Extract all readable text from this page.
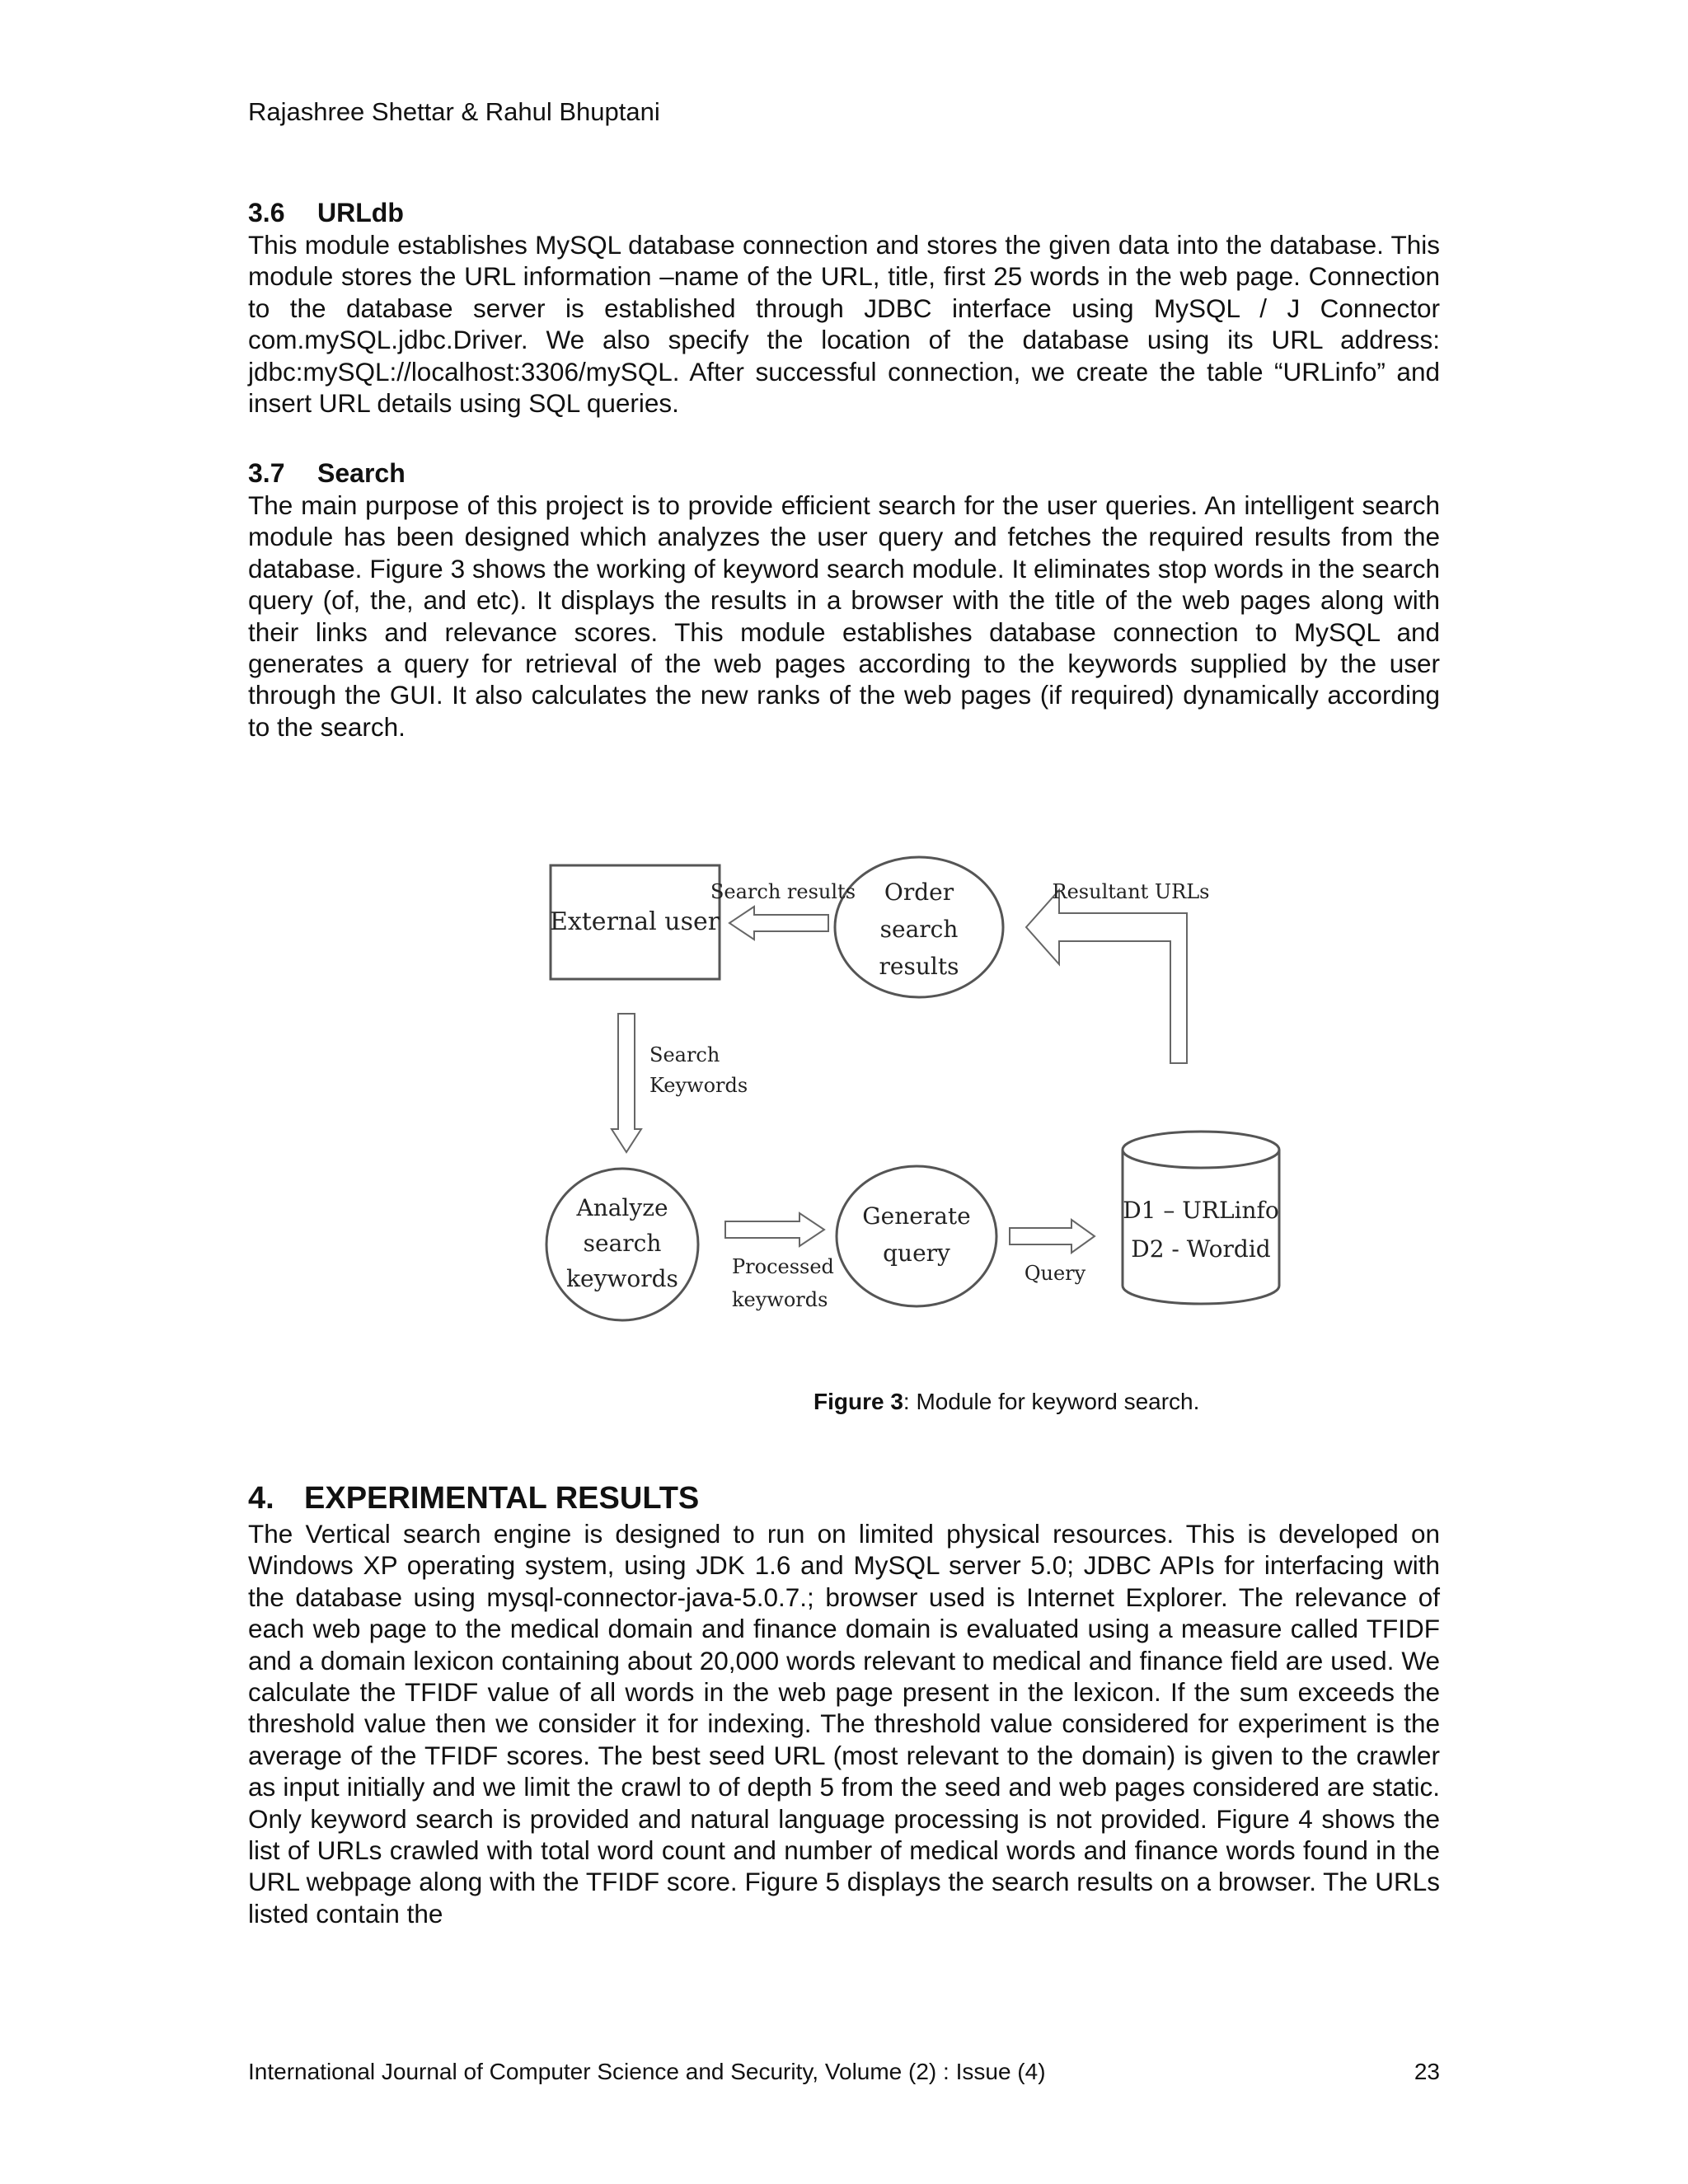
Rajashree Shettar & Rahul Bhuptani
3.6 URLdb

This module establishes MySQL database connection and stores the given data into the database. This module stores the URL information –name of the URL, title, first 25 words in the web page. Connection to the database server is established through JDBC interface using MySQL / J Connector com.mySQL.jdbc.Driver. We also specify the location of the database using its URL address: jdbc:mySQL://localhost:3306/mySQL. After successful connection, we create the table “URLinfo” and insert URL details using SQL queries.

3.7 Search

The main purpose of this project is to provide efficient search for the user queries. An intelligent search module has been designed which analyzes the user query and fetches the required results from the database. Figure 3 shows the working of keyword search module. It eliminates stop words in the search query (of, the, and etc). It displays the results in a browser with the title of the web pages along with their links and relevance scores. This module establishes database connection to MySQL and generates a query for retrieval of the web pages according to the keywords supplied by the user through the GUI. It also calculates the new ranks of the web pages (if required) dynamically according to the search.

External user
Order
search
results
Search results	Resultant URLs
Search
Keywords
Analyze
search
keywords	Processed
keywords
Generate
query
Query
D1 – URLinfo
D2 - Wordid
Figure 3: Module for keyword search.
4. EXPERIMENTAL RESULTS

The Vertical search engine is designed to run on limited physical resources. This is developed on Windows XP operating system, using JDK 1.6 and MySQL server 5.0; JDBC APIs for interfacing with the database using mysql-connector-java-5.0.7.; browser used is Internet Explorer. The relevance of each web page to the medical domain and finance domain is evaluated using a measure called TFIDF and a domain lexicon containing about 20,000 words relevant to medical and finance field are used. We calculate the TFIDF value of all words in the web page present in the lexicon. If the sum exceeds the threshold value then we consider it for indexing. The threshold value considered for experiment is the average of the TFIDF scores. The best seed URL (most relevant to the domain) is given to the crawler as input initially and we limit the crawl to of depth 5 from the seed and web pages considered are static. Only keyword search is provided and natural language processing is not provided. Figure 4 shows the list of URLs crawled with total word count and number of medical words and finance words found in the URL webpage along with the TFIDF score. Figure 5 displays the search results on a browser. The URLs listed contain the

International Journal of Computer Science and Security, Volume (2) : Issue (4)	23
